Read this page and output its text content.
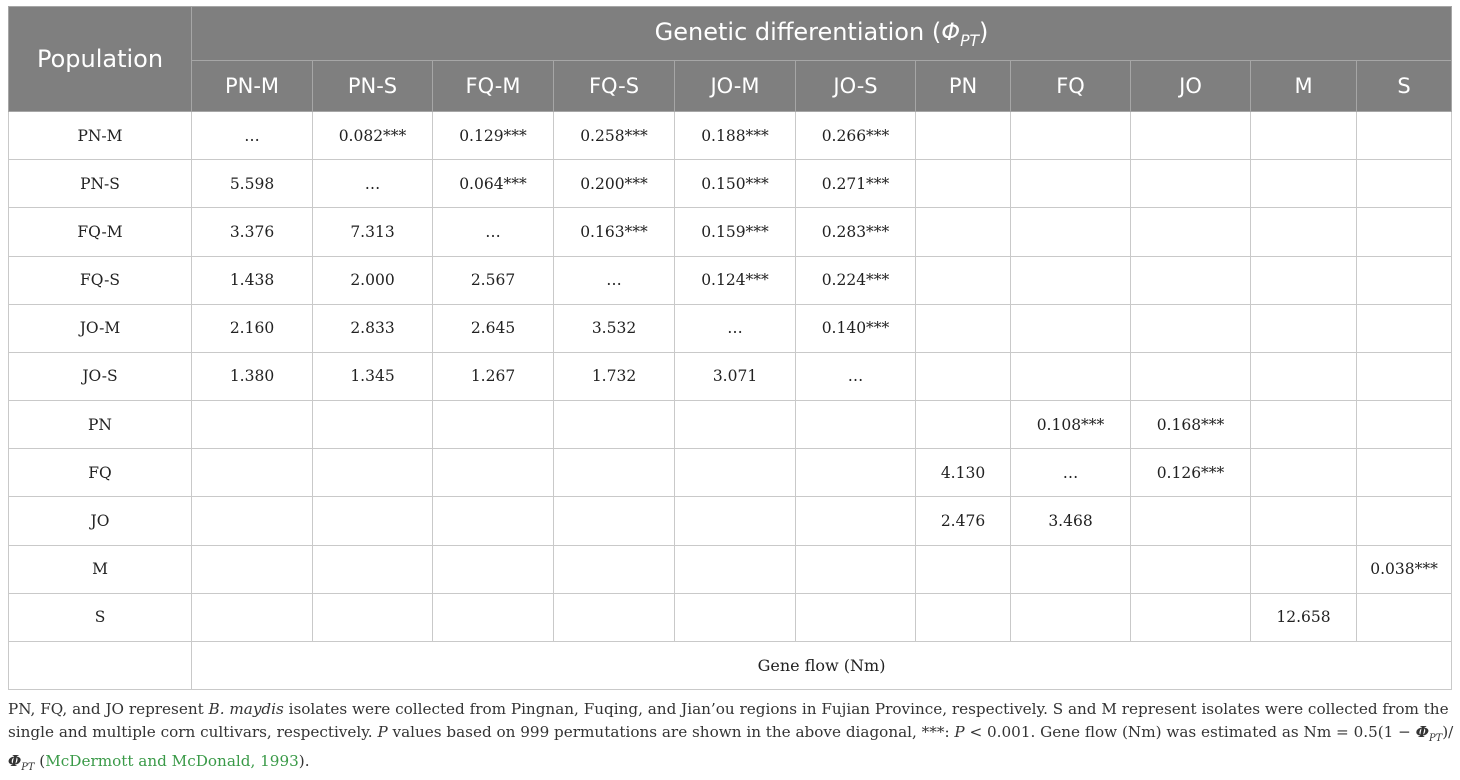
Population	Genetic differentiation $(\Phi_{PT})$										
	PN-M	PN-S	FQ-M	FQ-S	JO-M	JO-S	PN	FQ	JO	M	S
PN-M	…	0.082***	0.129***	0.258***	0.188***	0.266***					
PN-S	5.598	…	0.064***	0.200***	0.150***	0.271***					
FQ-M	3.376	7.313	…	0.163***	0.159***	0.283***					
FQ-S	1.438	2.000	2.567	…	0.124***	0.224***					
JO-M	2.160	2.833	2.645	3.532	…	0.140***					
JO-S	1.380	1.345	1.267	1.732	3.071	…					
PN								0.108***	0.168***		
FQ							4.130	…	0.126***		
JO							2.476	3.468			
M											0.038***
S										12.658	
	Gene flow (Nm)										
PN, FQ, and JO represent B. maydis isolates were collected from Pingnan, Fuqing, and Jian’ou regions in Fujian Province, respectively. S and M represent isolates were collected from the single and multiple corn cultivars, respectively. P values based on 999 permutations are shown in the above diagonal, ***: P < 0.001. Gene flow (Nm) was estimated as $Nm = 0.5(1 - \Phi_{PT})/\Phi_{PT}$ (McDermott and McDonald, 1993).
